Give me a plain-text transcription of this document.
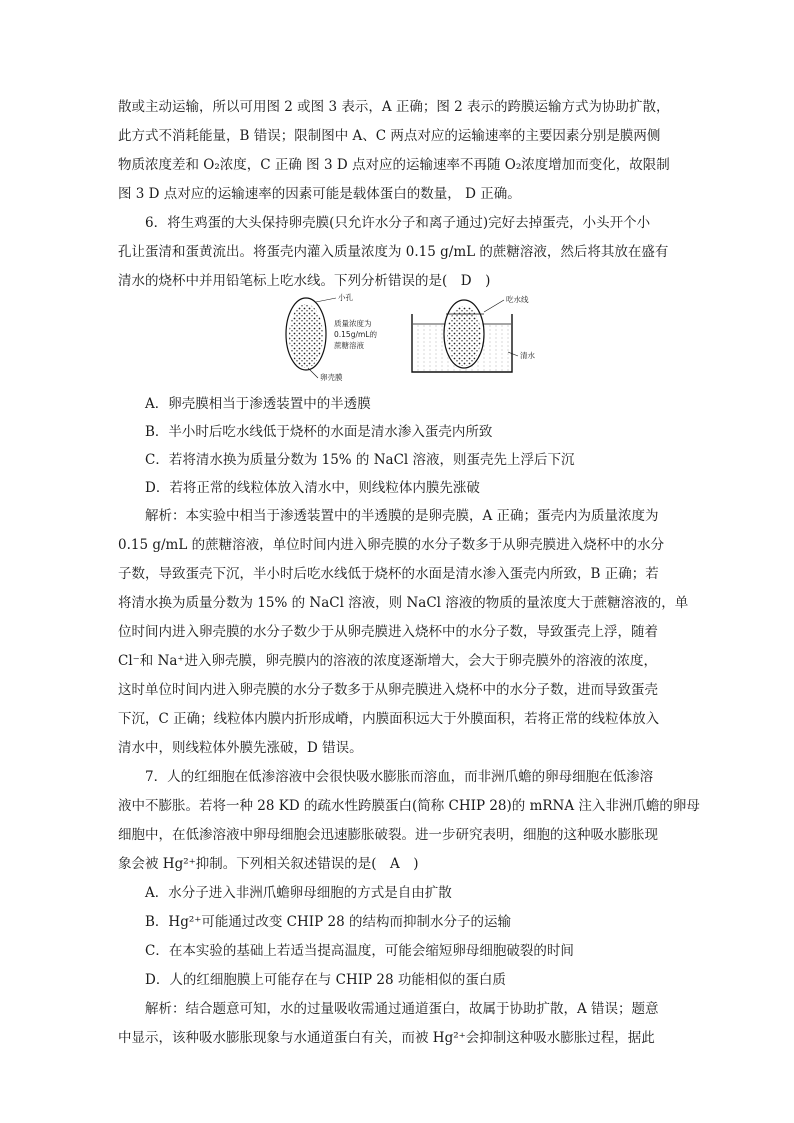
散或主动运输，所以可用图 2 或图 3 表示，A 正确；图 2 表示的跨膜运输方式为协助扩散，

此方式不消耗能量，B 错误；限制图中 A、C 两点对应的运输速率的主要因素分别是膜两侧

物质浓度差和 O₂浓度，C 正确 图 3 D 点对应的运输速率不再随 O₂浓度增加而变化，故限制

图 3 D 点对应的运输速率的因素可能是载体蛋白的数量， D 正确。

6．将生鸡蛋的大头保持卵壳膜(只允许水分子和离子通过)完好去掉蛋壳，小头开个小

孔让蛋清和蛋黄流出。将蛋壳内灌入质量浓度为 0.15 g/mL 的蔗糖溶液，然后将其放在盛有

清水的烧杯中并用铅笔标上吃水线。下列分析错误的是(　D　)

小孔
质量浓度为
0.15g/mL的
蔗糖溶液
卵壳膜
吃水线
清水

A．卵壳膜相当于渗透装置中的半透膜

B．半小时后吃水线低于烧杯的水面是清水渗入蛋壳内所致

C．若将清水换为质量分数为 15% 的 NaCl 溶液，则蛋壳先上浮后下沉

D．若将正常的线粒体放入清水中，则线粒体内膜先涨破

解析：本实验中相当于渗透装置中的半透膜的是卵壳膜，A 正确；蛋壳内为质量浓度为

0.15 g/mL 的蔗糖溶液，单位时间内进入卵壳膜的水分子数多于从卵壳膜进入烧杯中的水分

子数，导致蛋壳下沉，半小时后吃水线低于烧杯的水面是清水渗入蛋壳内所致，B 正确；若

将清水换为质量分数为 15% 的 NaCl 溶液，则 NaCl 溶液的物质的量浓度大于蔗糖溶液的，单

位时间内进入卵壳膜的水分子数少于从卵壳膜进入烧杯中的水分子数，导致蛋壳上浮，随着

Cl⁻和 Na⁺进入卵壳膜，卵壳膜内的溶液的浓度逐渐增大，会大于卵壳膜外的溶液的浓度，

这时单位时间内进入卵壳膜的水分子数多于从卵壳膜进入烧杯中的水分子数，进而导致蛋壳

下沉，C 正确；线粒体内膜内折形成嵴，内膜面积远大于外膜面积，若将正常的线粒体放入

清水中，则线粒体外膜先涨破，D 错误。

7．人的红细胞在低渗溶液中会很快吸水膨胀而溶血，而非洲爪蟾的卵母细胞在低渗溶

液中不膨胀。若将一种 28 KD 的疏水性跨膜蛋白(简称 CHIP 28)的 mRNA 注入非洲爪蟾的卵母

细胞中，在低渗溶液中卵母细胞会迅速膨胀破裂。进一步研究表明，细胞的这种吸水膨胀现

象会被 Hg²⁺抑制。下列相关叙述错误的是(　A　)

A．水分子进入非洲爪蟾卵母细胞的方式是自由扩散

B．Hg²⁺可能通过改变 CHIP 28 的结构而抑制水分子的运输

C．在本实验的基础上若适当提高温度，可能会缩短卵母细胞破裂的时间

D．人的红细胞膜上可能存在与 CHIP 28 功能相似的蛋白质

解析：结合题意可知，水的过量吸收需通过通道蛋白，故属于协助扩散，A 错误；题意

中显示，该种吸水膨胀现象与水通道蛋白有关，而被 Hg²⁺会抑制这种吸水膨胀过程，据此
